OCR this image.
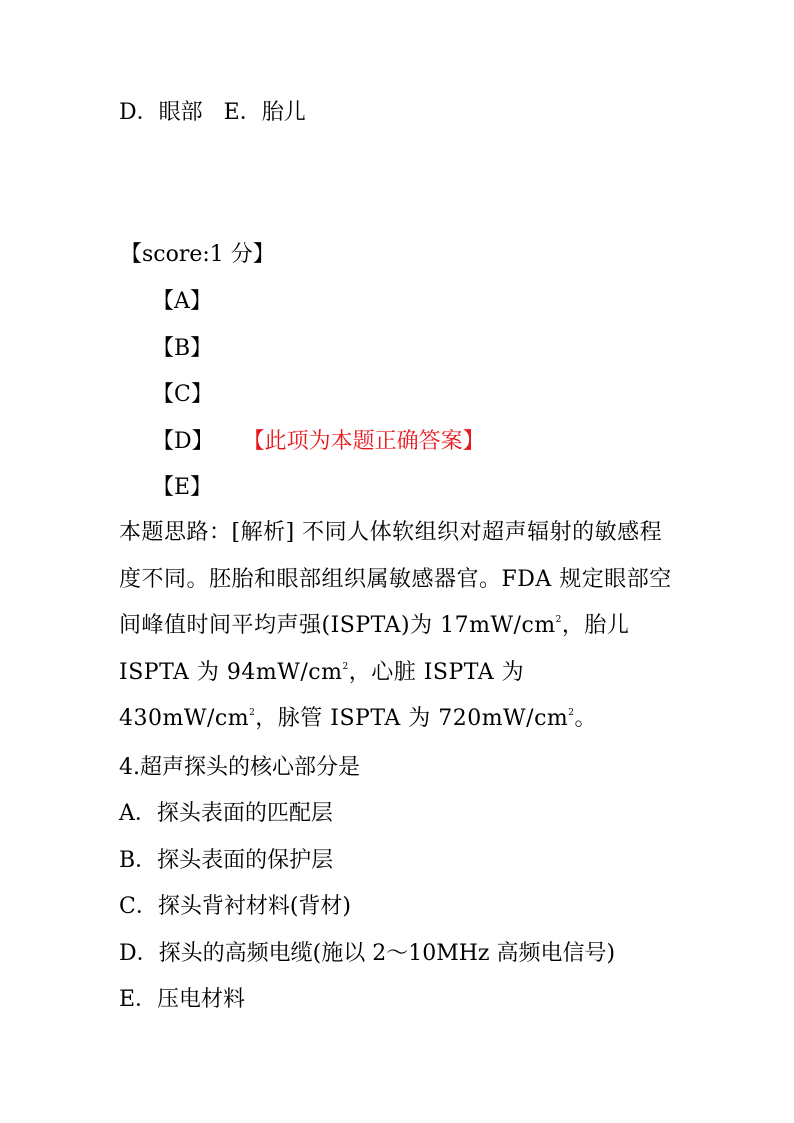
D．眼部 E．胎儿
【score:1 分】
【A】
【B】
【C】
【D】 【此项为本题正确答案】
【E】
本题思路：[解析] 不同人体软组织对超声辐射的敏感程度不同。胚胎和眼部组织属敏感器官。FDA 规定眼部空间峰值时间平均声强(ISPTA)为 $17mW/cm^2$，胎儿 ISPTA 为 $94mW/cm^2$，心脏 ISPTA 为 $430mW/cm^2$，脉管 ISPTA 为 $720mW/cm^2$。
4.超声探头的核心部分是
A．探头表面的匹配层
B．探头表面的保护层
C．探头背衬材料(背材)
D．探头的高频电缆(施以 2～10MHz 高频电信号)
E．压电材料
